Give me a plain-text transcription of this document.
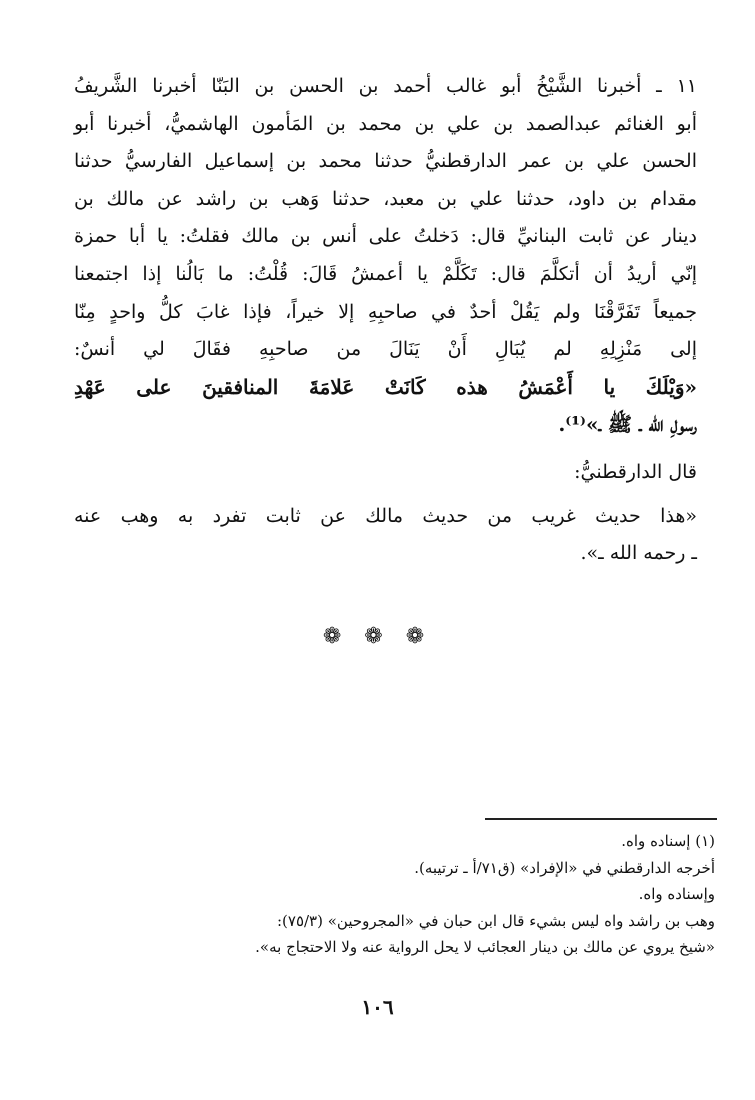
١١ ـ أخبرنا الشَّيْخُ أبو غالب أحمد بن الحسن بن البَنّا أخبرنا الشَّريفُ
أبو الغنائم عبدالصمد بن علي بن محمد بن المَأمون الهاشميُّ، أخبرنا أبو
الحسن علي بن عمر الدارقطنيُّ حدثنا محمد بن إسماعيل الفارسيُّ حدثنا
مقدام بن داود، حدثنا علي بن معبد، حدثنا وَهب بن راشد عن مالك بن
دينار عن ثابت البنانيِّ قال: دَخلتُ على أنس بن مالك فقلتُ: يا أبا حمزة
إنّي أريدُ أن أتكلَّمَ قال: تَكَلَّمْ يا أعمشُ قَالَ: قُلْتُ: ما بَالُنا إذا اجتمعنا
جميعاً تَفَرَّقْنَا ولم يَقُلْ أحدٌ في صاحبِهِ إلا خيراً، فإذا غابَ كلُّ واحدٍ مِنّا
إلى مَنْزِلِهِ لم يُبَالِ أَنْ يَنَالَ من صاحبِهِ فقَالَ لي أنسٌ:
«وَيْلَكَ يا أَعْمَشُ هذه كَانَتْ عَلامَةَ المنافقينَ على عَهْدِ
رسولِ الله ـ ﷺ ـ»⁽¹⁾.
قال الدارقطنيُّ:
«هذا حديث غريب من حديث مالك عن ثابت تفرد به وهب عنه
ـ رحمه الله ـ».
❁ ❁ ❁
(١) إسناده واه.
أخرجه الدارقطني في «الإفراد» (ق٧١/أ ـ ترتيبه).
وإسناده واه.
وهب بن راشد واه ليس بشيء قال ابن حبان في «المجروحين» (٧٥/٣):
«شيخ يروي عن مالك بن دينار العجائب لا يحل الرواية عنه ولا الاحتجاج به».
١٠٦
